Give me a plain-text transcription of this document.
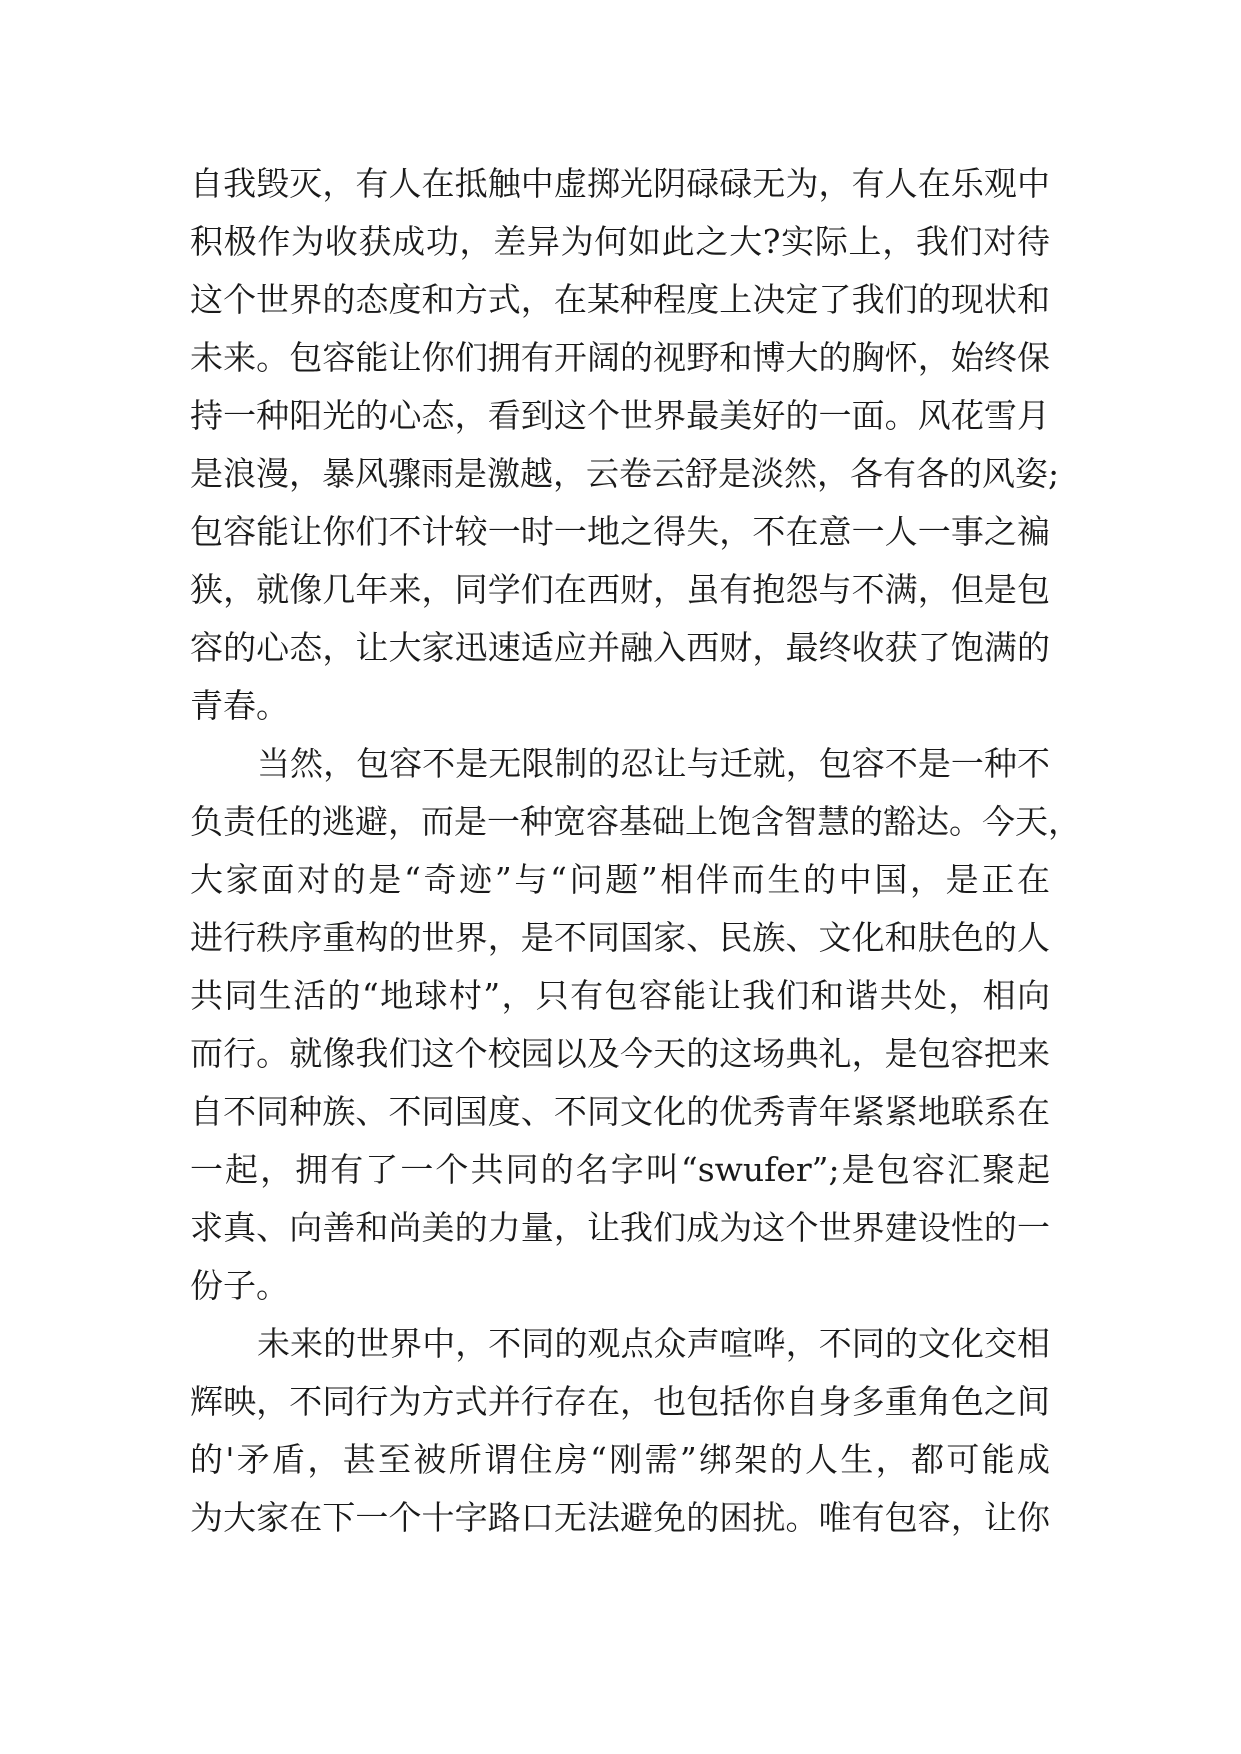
自我毁灭，有人在抵触中虚掷光阴碌碌无为，有人在乐观中
积极作为收获成功，差异为何如此之大?实际上，我们对待
这个世界的态度和方式，在某种程度上决定了我们的现状和
未来。包容能让你们拥有开阔的视野和博大的胸怀，始终保
持一种阳光的心态，看到这个世界最美好的一面。风花雪月
是浪漫，暴风骤雨是激越，云卷云舒是淡然，各有各的风姿;
包容能让你们不计较一时一地之得失，不在意一人一事之褊
狭，就像几年来，同学们在西财，虽有抱怨与不满，但是包
容的心态，让大家迅速适应并融入西财，最终收获了饱满的
青春。
当然，包容不是无限制的忍让与迁就，包容不是一种不
负责任的逃避，而是一种宽容基础上饱含智慧的豁达。今天，
大家面对的是“奇迹”与“问题”相伴而生的中国，是正在
进行秩序重构的世界，是不同国家、民族、文化和肤色的人
共同生活的“地球村”，只有包容能让我们和谐共处，相向
而行。就像我们这个校园以及今天的这场典礼，是包容把来
自不同种族、不同国度、不同文化的优秀青年紧紧地联系在
一起，拥有了一个共同的名字叫“swufer”;是包容汇聚起
求真、向善和尚美的力量，让我们成为这个世界建设性的一
份子。
未来的世界中，不同的观点众声喧哗，不同的文化交相
辉映，不同行为方式并行存在，也包括你自身多重角色之间
的'矛盾，甚至被所谓住房“刚需”绑架的人生，都可能成
为大家在下一个十字路口无法避免的困扰。唯有包容，让你
